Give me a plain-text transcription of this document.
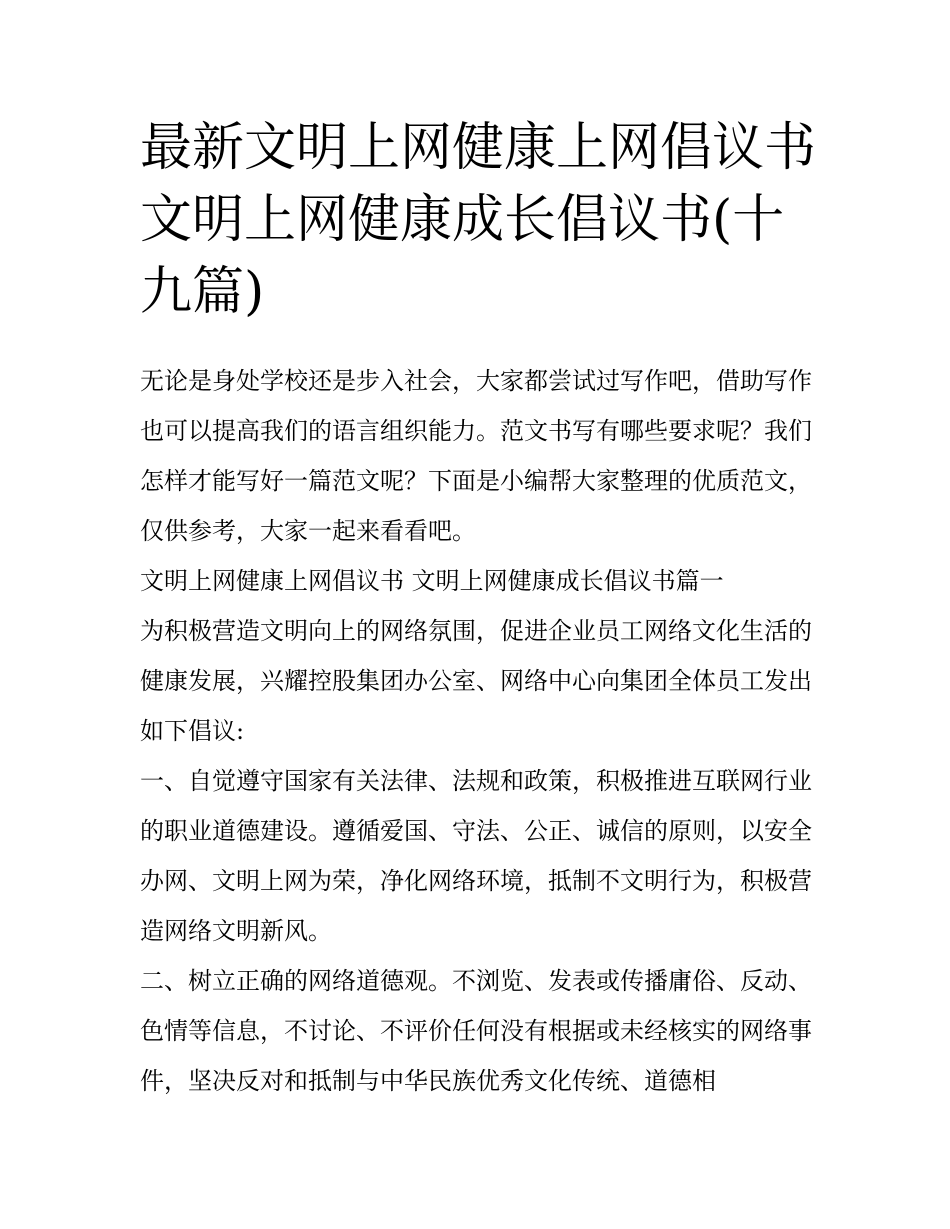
最新文明上网健康上网倡议书 文明上网健康成长倡议书(十九篇)

无论是身处学校还是步入社会，大家都尝试过写作吧，借助写作也可以提高我们的语言组织能力。范文书写有哪些要求呢？我们怎样才能写好一篇范文呢？下面是小编帮大家整理的优质范文，仅供参考，大家一起来看看吧。

文明上网健康上网倡议书 文明上网健康成长倡议书篇一

为积极营造文明向上的网络氛围，促进企业员工网络文化生活的健康发展，兴耀控股集团办公室、网络中心向集团全体员工发出如下倡议:

一、自觉遵守国家有关法律、法规和政策，积极推进互联网行业的职业道德建设。遵循爱国、守法、公正、诚信的原则，以安全办网、文明上网为荣，净化网络环境，抵制不文明行为，积极营造网络文明新风。

二、树立正确的网络道德观。不浏览、发表或传播庸俗、反动、色情等信息，不讨论、不评价任何没有根据或未经核实的网络事件，坚决反对和抵制与中华民族优秀文化传统、道德相
